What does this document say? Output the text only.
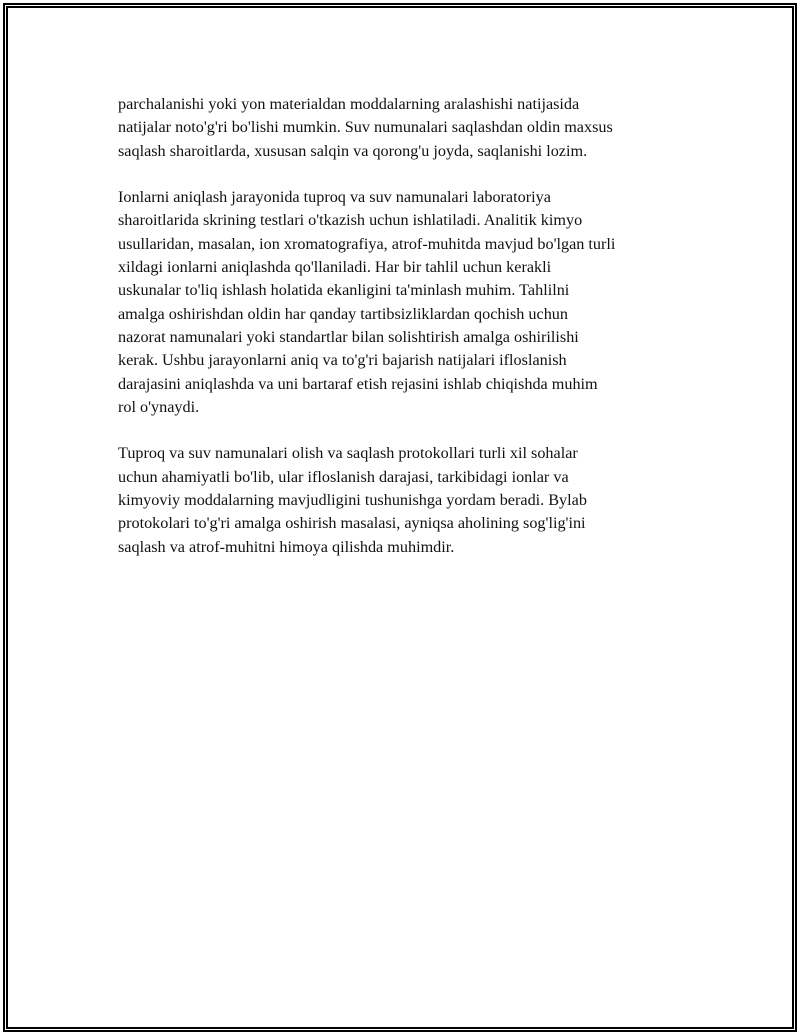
parchalanishi yoki yon materialdan moddalarning aralashishi natijasida
natijalar noto'g'ri bo'lishi mumkin. Suv numunalari saqlashdan oldin maxsus
saqlash sharoitlarda, xususan salqin va qorong'u joyda, saqlanishi lozim.

Ionlarni aniqlash jarayonida tuproq va suv namunalari laboratoriya
sharoitlarida skrining testlari o'tkazish uchun ishlatiladi. Analitik kimyo
usullaridan, masalan, ion xromatografiya, atrof-muhitda mavjud bo'lgan turli
xildagi ionlarni aniqlashda qo'llaniladi. Har bir tahlil uchun kerakli
uskunalar to'liq ishlash holatida ekanligini ta'minlash muhim. Tahlilni
amalga oshirishdan oldin har qanday tartibsizliklardan qochish uchun
nazorat namunalari yoki standartlar bilan solishtirish amalga oshirilishi
kerak. Ushbu jarayonlarni aniq va to'g'ri bajarish natijalari ifloslanish
darajasini aniqlashda va uni bartaraf etish rejasini ishlab chiqishda muhim
rol o'ynaydi.

Tuproq va suv namunalari olish va saqlash protokollari turli xil sohalar
uchun ahamiyatli bo'lib, ular ifloslanish darajasi, tarkibidagi ionlar va
kimyoviy moddalarning mavjudligini tushunishga yordam beradi. Bylab
protokolari to'g'ri amalga oshirish masalasi, ayniqsa aholining sog'lig'ini
saqlash va atrof-muhitni himoya qilishda muhimdir.
